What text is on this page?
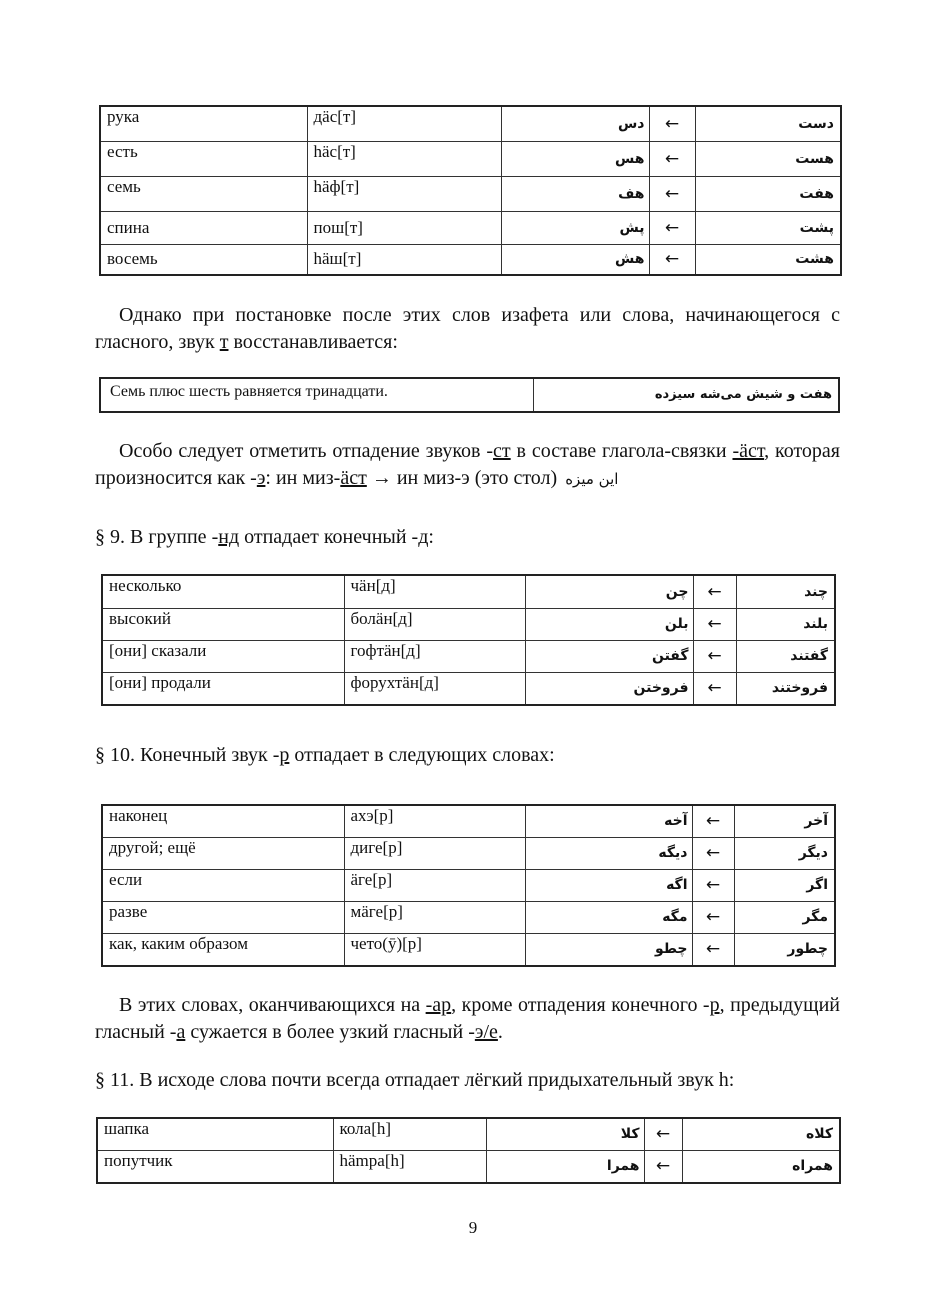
рука	дäс[т]	دس	←	دست
есть	häс[т]	هس	←	هست
семь	häф[т]	هف	←	هفت
спина	пош[т]	پش	←	پشت
восемь	häш[т]	هش	←	هشت

Однако при постановке после этих слов изафета или слова, начинающегося с гласного, звук т восстанавливается:

Семь плюс шесть равняется тринадцати.	هفت و شیش می‌شه سیزده

Особо следует отметить отпадение звуков -ст в составе глагола-связки -äст, которая произносится как -э: ин миз-äст → ин миз-э (это стол) این میزه

§ 9. В группе -нд отпадает конечный -д:

несколько	чäн[д]	چن	←	چند
высокий	болäн[д]	بلن	←	بلند
[они] сказали	гофтäн[д]	گفتن	←	گفتند
[они] продали	форухтäн[д]	فروختن	←	فروختند

§ 10. Конечный звук -р отпадает в следующих словах:

наконец	ахэ[р]	آخه	←	آخر
другой; ещё	диге[р]	دیگه	←	دیگر
если	äге[р]	اگه	←	اگر
разве	мäге[р]	مگه	←	مگر
как, каким образом	чето(ӯ)[р]	چطو	←	چطور

В этих словах, оканчивающихся на -ар, кроме отпадения конечного -р, предыдущий гласный -а сужается в более узкий гласный -э/е.

§ 11. В исходе слова почти всегда отпадает лёгкий придыхательный звук h:

шапка	кола[h]	کلا	←	کلاه
попутчик	hämpa[h]	همرا	←	همراه
9
